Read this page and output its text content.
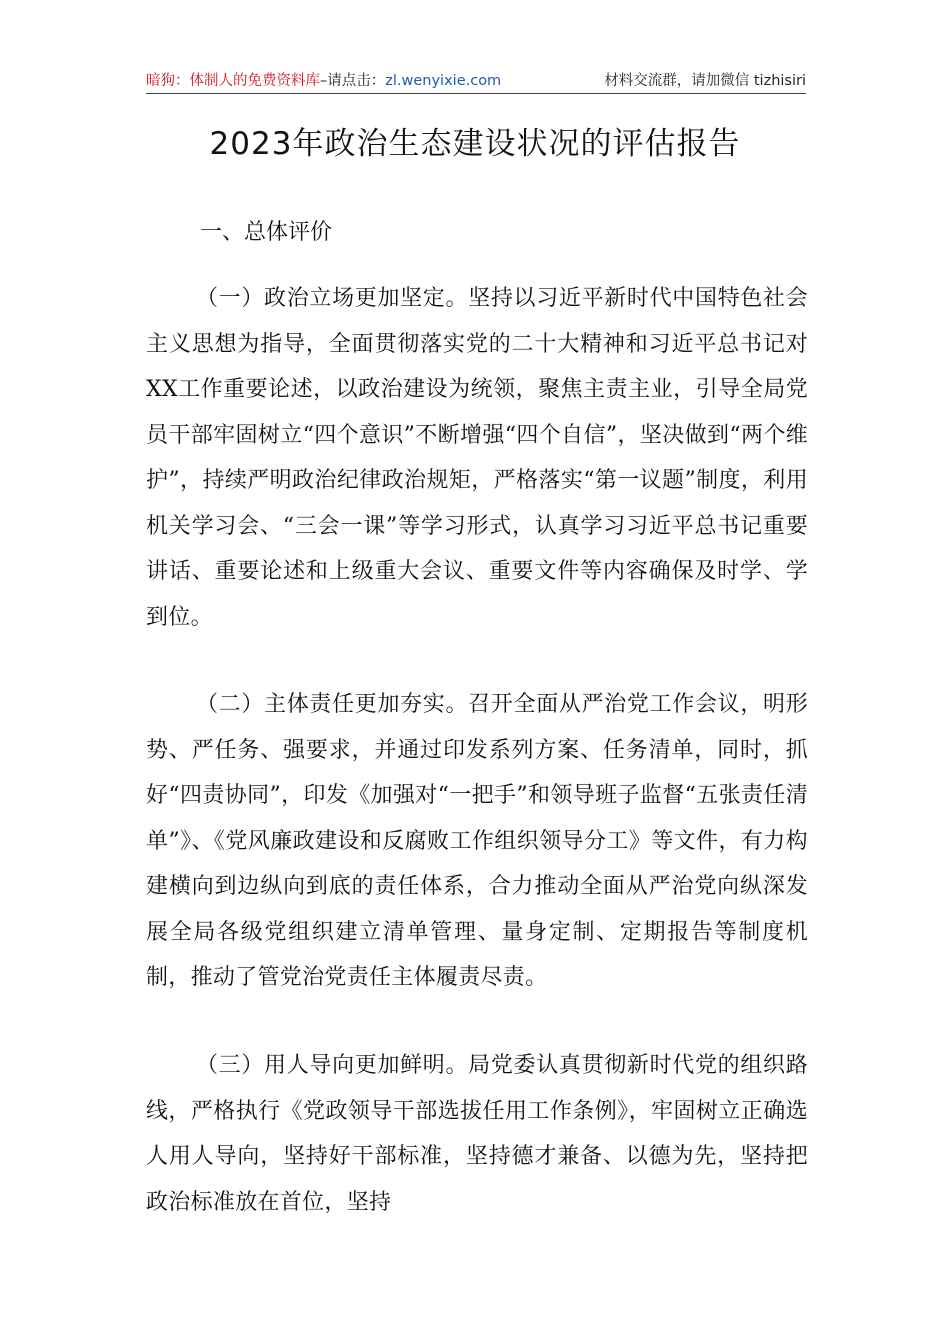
暗狗：体制人的免费资料库–请点击：zl.wenyixie.com	材料交流群，请加微信 tizhisiri
2023年政治生态建设状况的评估报告
一、总体评价

（一）政治立场更加坚定。坚持以习近平新时代中国特色社会主义思想为指导，全面贯彻落实党的二十大精神和习近平总书记对XX工作重要论述，以政治建设为统领，聚焦主责主业，引导全局党员干部牢固树立“四个意识”不断增强“四个自信”，坚决做到“两个维护”，持续严明政治纪律政治规矩，严格落实“第一议题”制度，利用机关学习会、“三会一课”等学习形式，认真学习习近平总书记重要讲话、重要论述和上级重大会议、重要文件等内容确保及时学、学到位。

（二）主体责任更加夯实。召开全面从严治党工作会议，明形势、严任务、强要求，并通过印发系列方案、任务清单，同时，抓好“四责协同”，印发《加强对“一把手”和领导班子监督“五张责任清单”》、《党风廉政建设和反腐败工作组织领导分工》等文件，有力构建横向到边纵向到底的责任体系，合力推动全面从严治党向纵深发展全局各级党组织建立清单管理、量身定制、定期报告等制度机制，推动了管党治党责任主体履责尽责。

（三）用人导向更加鲜明。局党委认真贯彻新时代党的组织路线，严格执行《党政领导干部选拔任用工作条例》，牢固树立正确选人用人导向，坚持好干部标准，坚持德才兼备、以德为先，坚持把政治标准放在首位，坚持
